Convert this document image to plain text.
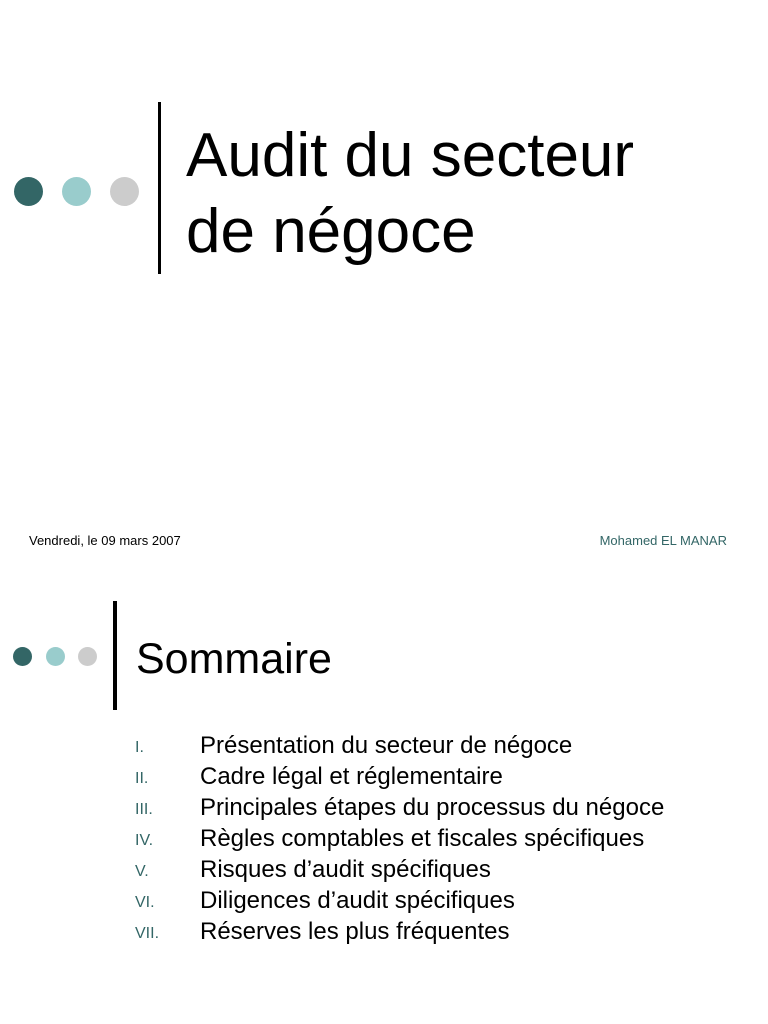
Audit du secteur
de négoce
Vendredi, le 09 mars 2007	Mohamed EL MANAR
Sommaire
I. Présentation du secteur de négoce
II. Cadre légal et réglementaire
III. Principales étapes du processus du négoce
IV. Règles comptables et fiscales spécifiques
V. Risques d’audit spécifiques
VI. Diligences d’audit spécifiques
VII. Réserves les plus fréquentes
